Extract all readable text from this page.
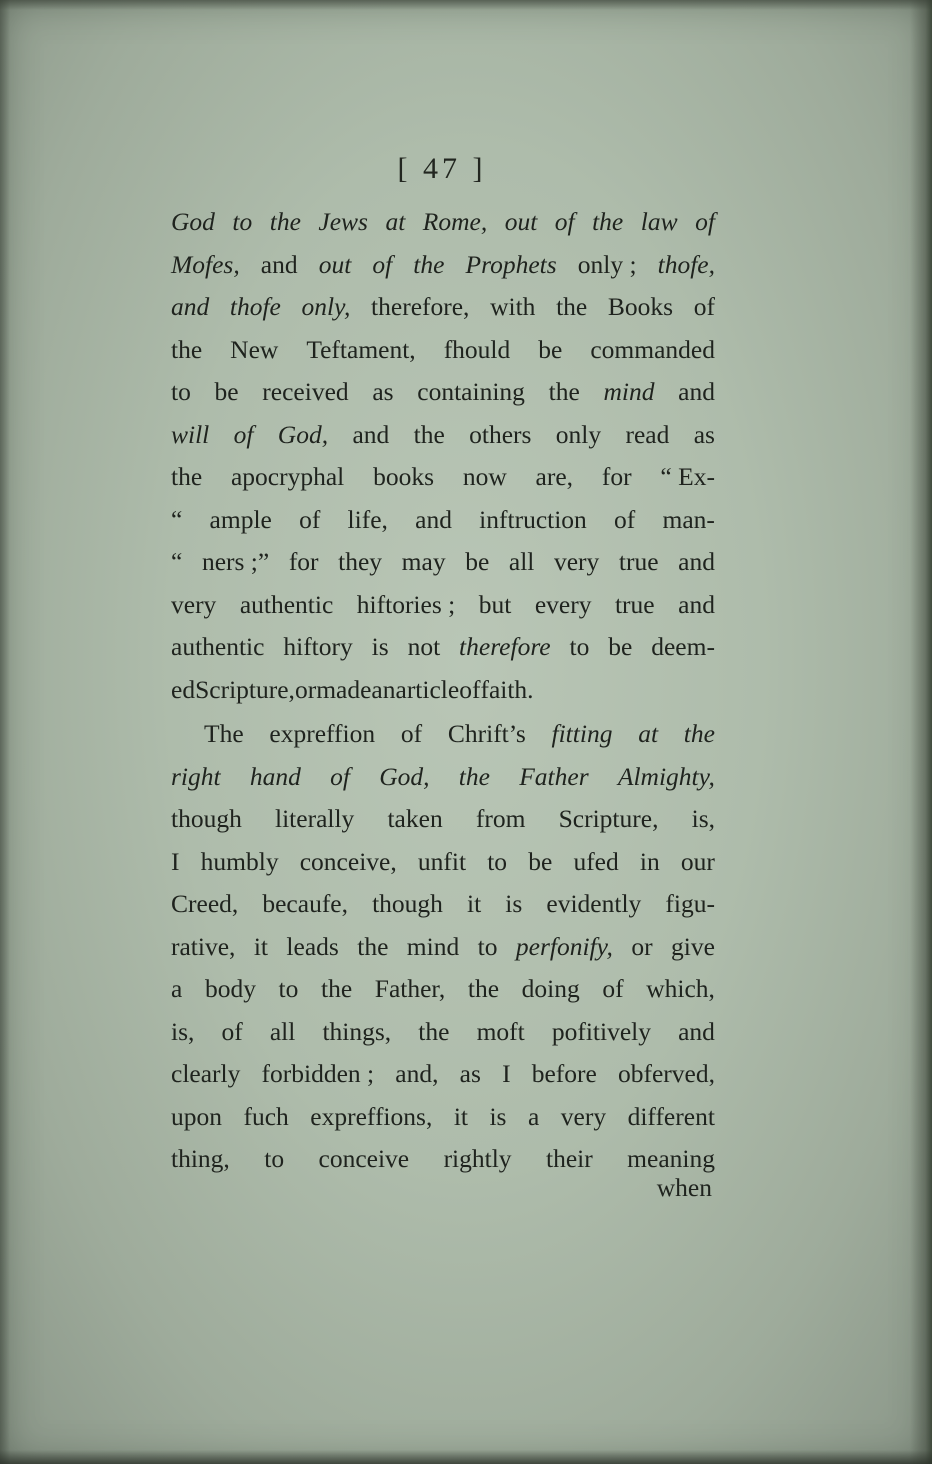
[ 47 ]

God to the Jews at Rome, out of the law of

Mofes, and out of the Prophets only ; thofe,

and thofe only, therefore, with the Books of

the New Teftament, fhould be commanded

to be received as containing the mind and

will of God, and the others only read as

the apocryphal books now are, for “ Ex-

“ ample of life, and inftruction of man-

“ ners ;” for they may be all very true and

very authentic hiftories ; but every true and

authentic hiftory is not therefore to be deem-

ed Scripture, or made an article of faith.

The expreffion of Chrift’s fitting at the

right hand of God, the Father Almighty,

though literally taken from Scripture, is,

I humbly conceive, unfit to be ufed in our

Creed, becaufe, though it is evidently figu-

rative, it leads the mind to perfonify, or give

a body to the Father, the doing of which,

is, of all things, the moft pofitively and

clearly forbidden ; and, as I before obferved,

upon fuch expreffions, it is a very different

thing, to conceive rightly their meaning

when
